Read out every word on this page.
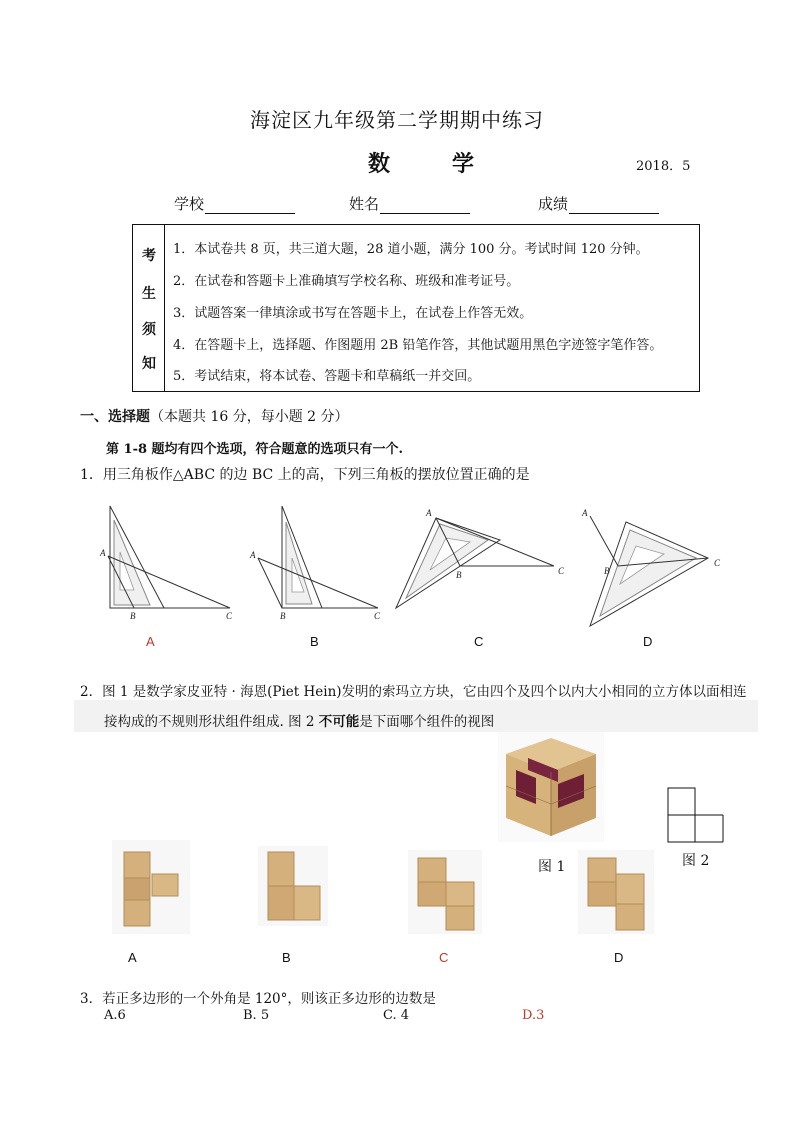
海淀区九年级第二学期期中练习
数学	2018．5
学校	姓名	成绩
考
生
须
知
1．本试卷共 8 页，共三道大题，28 道小题，满分 100 分。考试时间 120 分钟。
2．在试卷和答题卡上准确填写学校名称、班级和准考证号。
3．试题答案一律填涂或书写在答题卡上，在试卷上作答无效。
4．在答题卡上，选择题、作图题用 2B 铅笔作答，其他试题用黑色字迹签字笔作答。
5．考试结束，将本试卷、答题卡和草稿纸一并交回。
一、选择题（本题共 16 分，每小题 2 分）
第 1-8 题均有四个选项，符合题意的选项只有一个.
1．用三角板作△ABC 的边 BC 上的高，下列三角板的摆放位置正确的是
A
B	C
A
B	C
A
B	C
A
B
C
A	B	C	D
2．图 1 是数学家皮亚特 · 海恩(Piet Hein)发明的索玛立方块，它由四个及四个以内大小相同的立方体以面相连
接构成的不规则形状组件组成. 图 2 不可能是下面哪个组件的视图
图 1	图 2
A	B	C	D
3．若正多边形的一个外角是 120°，则该正多边形的边数是
A.6	B. 5	C. 4	D.3
